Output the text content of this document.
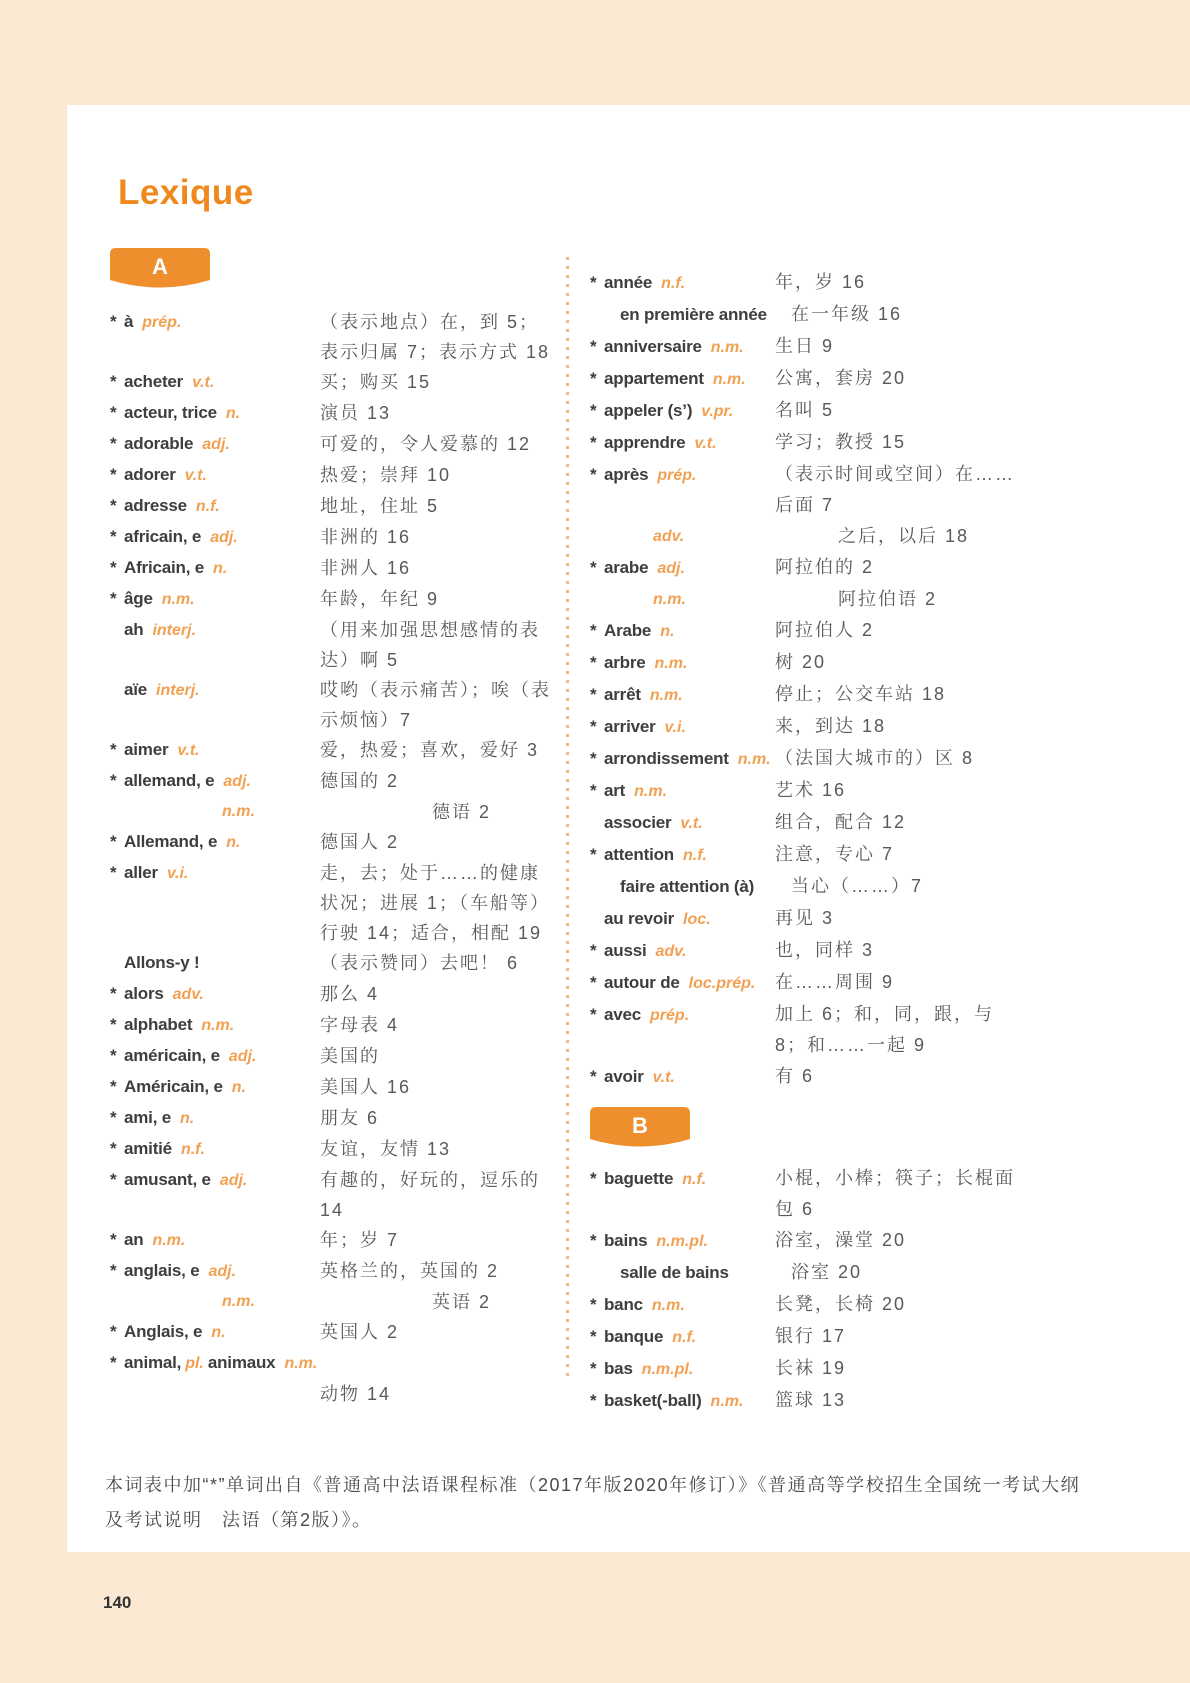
Lexique
A
* à prép.	（表示地点）在，到 5；表示归属 7；表示方式 18
* acheter v.t.	买；购买 15
* acteur, trice n.	演员 13
* adorable adj.	可爱的，令人爱慕的 12
* adorer v.t.	热爱；崇拜 10
* adresse n.f.	地址，住址 5
* africain, e adj.	非洲的 16
* Africain, e n.	非洲人 16
* âge n.m.	年龄，年纪 9
ah interj.	（用来加强思想感情的表达）啊 5
aïe interj.	哎哟（表示痛苦）；唉（表示烦恼）7
* aimer v.t.	爱，热爱；喜欢，爱好 3
* allemand, e adj.	德国的 2
n.m.	德语 2
* Allemand, e n.	德国人 2
* aller v.i.	走，去；处于……的健康状况；进展 1；（车船等）行驶 14；适合，相配 19
Allons-y !	（表示赞同）去吧！ 6
* alors adv.	那么 4
* alphabet n.m.	字母表 4
* américain, e adj.	美国的
* Américain, e n.	美国人 16
* ami, e n.	朋友 6
* amitié n.f.	友谊，友情 13
* amusant, e adj.	有趣的，好玩的，逗乐的 14
* an n.m.	年；岁 7
* anglais, e adj.	英格兰的，英国的 2
n.m.	英语 2
* Anglais, e n.	英国人 2
* animal, pl. animaux n.m.
动物 14
* année n.f.	年，岁 16
en première année	在一年级 16
* anniversaire n.m.	生日 9
* appartement n.m.	公寓，套房 20
* appeler (s’) v.pr.	名叫 5
* apprendre v.t.	学习；教授 15
* après prép.	（表示时间或空间）在……后面 7
adv.	之后，以后 18
* arabe adj.	阿拉伯的 2
n.m.	阿拉伯语 2
* Arabe n.	阿拉伯人 2
* arbre n.m.	树 20
* arrêt n.m.	停止；公交车站 18
* arriver v.i.	来，到达 18
* arrondissement n.m. （法国大城市的）区 8
* art n.m.	艺术 16
associer v.t.	组合，配合 12
* attention n.f.	注意，专心 7
faire attention (à)	当心（……）7
au revoir loc.	再见 3
* aussi adv.	也，同样 3
* autour de loc.prép.	在……周围 9
* avec prép.	加上 6；和，同，跟，与 8；和……一起 9
* avoir v.t.	有 6
B
* baguette n.f.	小棍，小棒；筷子；长棍面包 6
* bains n.m.pl.	浴室，澡堂 20
salle de bains	浴室 20
* banc n.m.	长凳，长椅 20
* banque n.f.	银行 17
* bas n.m.pl.	长袜 19
* basket(-ball) n.m.	篮球 13
本词表中加“*”单词出自《普通高中法语课程标准（2017年版2020年修订）》《普通高等学校招生全国统一考试大纲及考试说明　法语（第2版）》。
140
